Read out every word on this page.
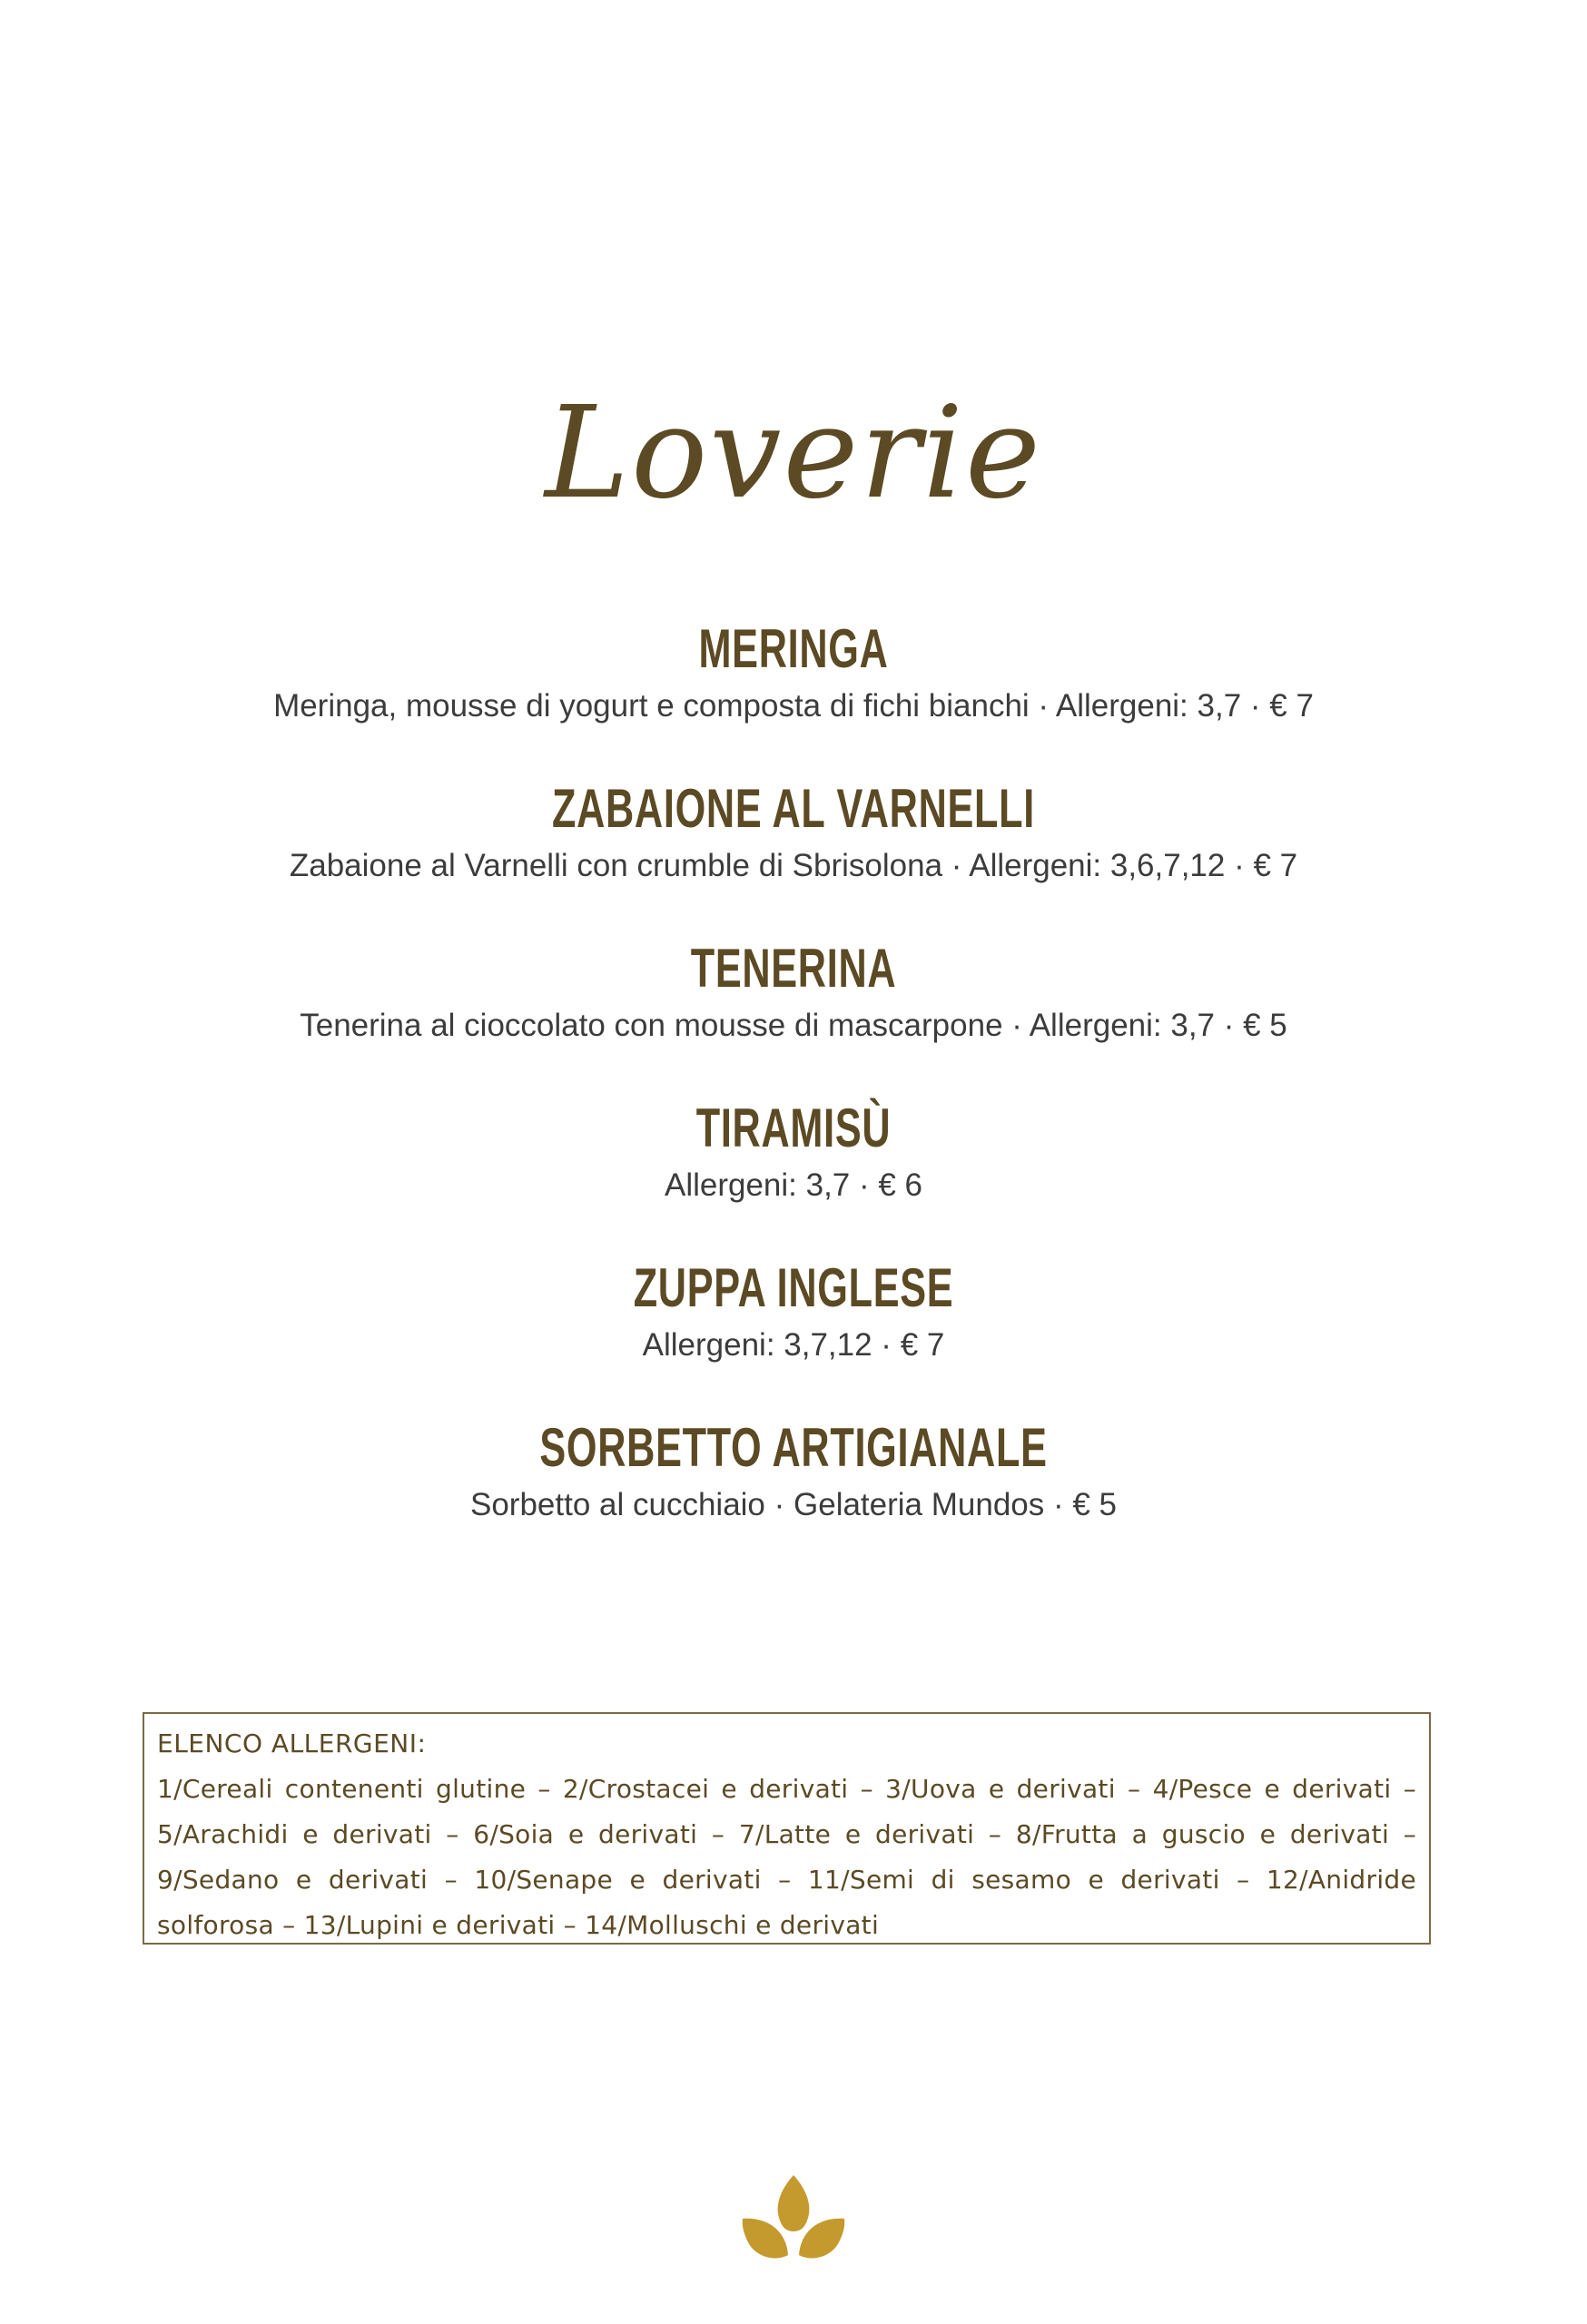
Loverie
MERINGA
Meringa, mousse di yogurt e composta di fichi bianchi · Allergeni: 3,7 · € 7
ZABAIONE AL VARNELLI
Zabaione al Varnelli con crumble di Sbrisolona · Allergeni: 3,6,7,12 · € 7
TENERINA
Tenerina al cioccolato con mousse di mascarpone · Allergeni: 3,7 · € 5
TIRAMISÙ
Allergeni: 3,7 · € 6
ZUPPA INGLESE
Allergeni: 3,7,12 · € 7
SORBETTO ARTIGIANALE
Sorbetto al cucchiaio · Gelateria Mundos · € 5
ELENCO ALLERGENI:
1/Cereali contenenti glutine – 2/Crostacei e derivati – 3/Uova e derivati – 4/Pesce e derivati – 5/Arachidi e derivati – 6/Soia e derivati – 7/Latte e derivati – 8/Frutta a guscio e derivati – 9/Sedano e derivati – 10/Senape e derivati – 11/Semi di sesamo e derivati – 12/Anidride solforosa – 13/Lupini e derivati – 14/Molluschi e derivati
